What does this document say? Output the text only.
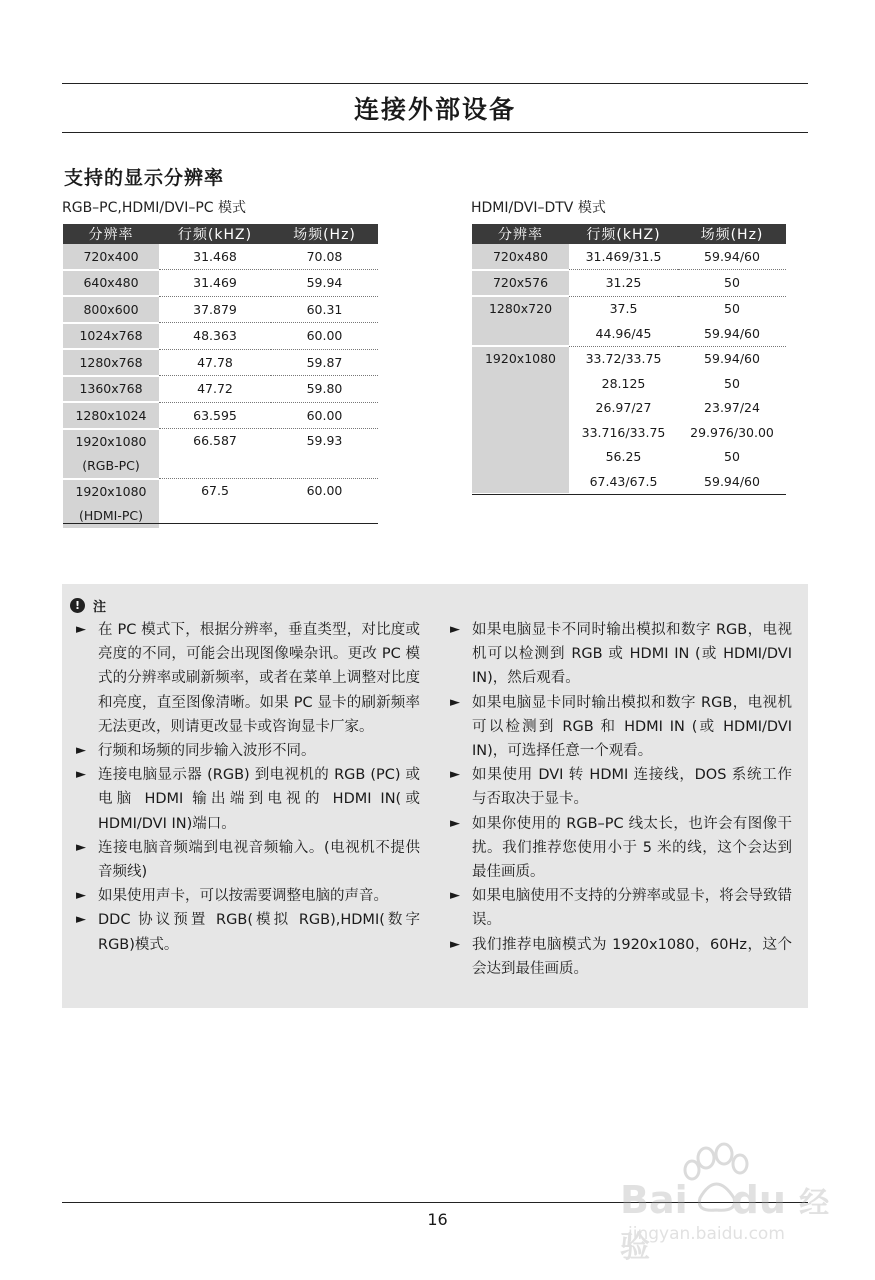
连接外部设备
支持的显示分辨率
RGB–PC,HDMI/DVI–PC 模式
分辨率	行频(kHZ)	场频(Hz)
720x400	31.468	70.08
640x480	31.469	59.94
800x600	37.879	60.31
1024x768	48.363	60.00
1280x768	47.78	59.87
1360x768	47.72	59.80
1280x1024	63.595	60.00
1920x1080
(RGB-PC)	66.587	59.93
1920x1080
(HDMI-PC)	67.5	60.00
HDMI/DVI–DTV 模式
分辨率	行频(kHZ)	场频(Hz)
720x480	31.469/31.5	59.94/60
720x576	31.25	50
1280x720	37.5	50
	44.96/45	59.94/60
1920x1080	33.72/33.75	59.94/60
	28.125	50
	26.97/27	23.97/24
	33.716/33.75	29.976/30.00
	56.25	50
	67.43/67.5	59.94/60
! 注
► 在 PC 模式下，根据分辨率，垂直类型，对比度或亮度的不同，可能会出现图像噪杂讯。更改 PC 模式的分辨率或刷新频率，或者在菜单上调整对比度和亮度，直至图像清晰。如果 PC 显卡的刷新频率无法更改，则请更改显卡或咨询显卡厂家。
► 行频和场频的同步输入波形不同。
► 连接电脑显示器 (RGB) 到电视机的 RGB (PC) 或电脑 HDMI 输出端到电视的 HDMI IN(或 HDMI/DVI IN)端口。
► 连接电脑音频端到电视音频输入。(电视机不提供音频线)
► 如果使用声卡，可以按需要调整电脑的声音。
► DDC 协议预置 RGB(模拟 RGB),HDMI(数字 RGB)模式。
► 如果电脑显卡不同时输出模拟和数字 RGB，电视机可以检测到 RGB 或 HDMI IN (或 HDMI/DVI IN)，然后观看。
► 如果电脑显卡同时输出模拟和数字 RGB，电视机可以检测到 RGB 和 HDMI IN (或 HDMI/DVI IN)，可选择任意一个观看。
► 如果使用 DVI 转 HDMI 连接线，DOS 系统工作与否取决于显卡。
► 如果你使用的 RGB–PC 线太长，也许会有图像干扰。我们推荐您使用小于 5 米的线，这个会达到最佳画质。
► 如果电脑使用不支持的分辨率或显卡，将会导致错误。
► 我们推荐电脑模式为 1920x1080，60Hz，这个会达到最佳画质。
16	Bai du 经验
jingyan.baidu.com
